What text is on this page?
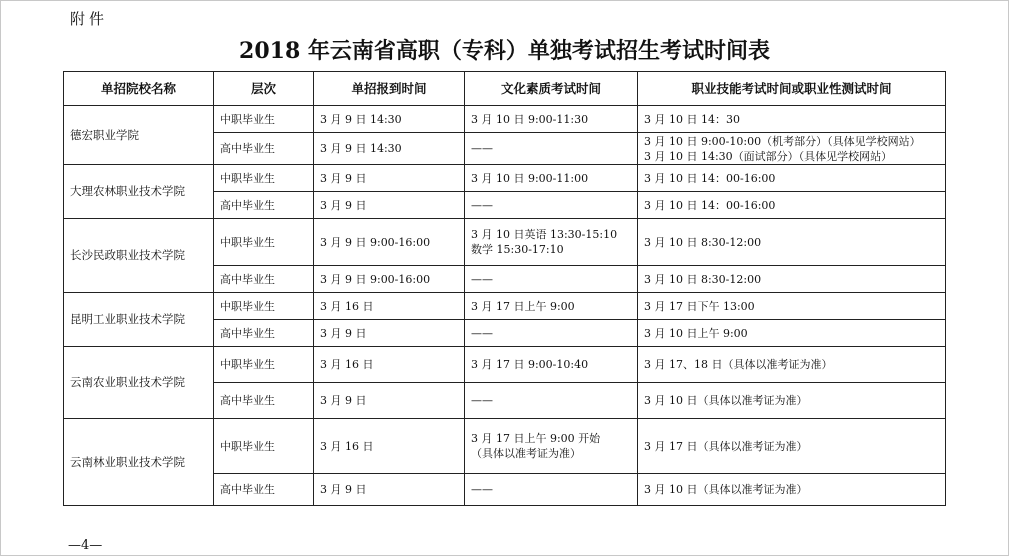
附件
2018 年云南省高职（专科）单独考试招生考试时间表
单招院校名称	层次	单招报到时间	文化素质考试时间	职业技能考试时间或职业性测试时间
德宏职业学院	中职毕业生	3 月 9 日 14:30	3 月 10 日 9:00-11:30	3 月 10 日 14：30

	高中毕业生	3 月 9 日 14:30	——	3 月 10 日 9:00-10:00（机考部分）（具体见学校网站）
3 月 10 日 14:30（面试部分）（具体见学校网站）

大理农林职业技术学院	中职毕业生	3 月 9 日	3 月 10 日 9:00-11:00	3 月 10 日 14：00-16:00

	高中毕业生	3 月 9 日	——	3 月 10 日 14：00-16:00

长沙民政职业技术学院	中职毕业生	3 月 9 日 9:00-16:00	3 月 10 日英语 13:30-15:10
数学 15:30-17:10	3 月 10 日 8:30-12:00

	高中毕业生	3 月 9 日 9:00-16:00	——	3 月 10 日 8:30-12:00

昆明工业职业技术学院	中职毕业生	3 月 16 日	3 月 17 日上午 9:00	3 月 17 日下午 13:00

	高中毕业生	3 月 9 日	——	3 月 10 日上午 9:00

云南农业职业技术学院	中职毕业生	3 月 16 日	3 月 17 日 9:00-10:40	3 月 17、18 日（具体以准考证为准）

	高中毕业生	3 月 9 日	——	3 月 10 日（具体以准考证为准）

云南林业职业技术学院	中职毕业生	3 月 16 日	3 月 17 日上午 9:00 开始
（具体以准考证为准）	3 月 17 日（具体以准考证为准）

	高中毕业生	3 月 9 日	——	3 月 10 日（具体以准考证为准）
—4—
